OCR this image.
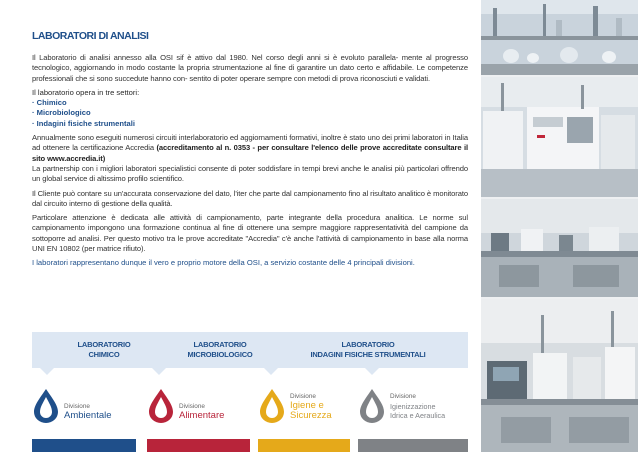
LABORATORI DI ANALISI

Il Laboratorio di analisi annesso alla OSI sif è attivo dal 1980. Nel corso degli anni si è evoluto parallela- mente al progresso tecnologico, aggiornando in modo costante la propria strumentazione al fine di garantire un dato certo e affidabile. Le competenze professionali che si sono succedute hanno con- sentito di poter operare sempre con metodi di prova riconosciuti e validati.

Il laboratorio opera in tre settori:
· Chimico
· Microbiologico
· Indagini fisiche strumentali

Annualmente sono eseguiti numerosi circuiti interlaboratorio ed aggiornamenti formativi, inoltre è stato uno dei primi laboratori in Italia ad ottenere la certificazione Accredia (accreditamento al n. 0353 - per consultare l'elenco delle prove accreditate consultare il sito www.accredia.it)
La partnership con i migliori laboratori specialistici consente di poter soddisfare in tempi brevi anche le analisi più particolari offrendo un global service di altissimo profilo scientifico.

Il Cliente può contare su un'accurata conservazione del dato, l'iter che parte dal campionamento fino al risultato analitico è monitorato dal circuito interno di gestione della qualità.

Particolare attenzione è dedicata alle attività di campionamento, parte integrante della procedura analitica. Le norme sul campionamento impongono una formazione continua al fine di ottenere una sempre maggiore rappresentatività del campione da sottoporre ad analisi. Per questo motivo tra le prove accreditate "Accredia" c'è anche l'attività di campionamento in base alla norma UNI EN 10802 (per matrice rifiuto).

I laboratori rappresentano dunque il vero e proprio motore della OSI, a servizio costante delle 4 principali divisioni.
LABORATORIO
CHIMICO
LABORATORIO
MICROBIOLOGICO
LABORATORIO
INDAGINI FISICHE STRUMENTALI
Divisione
Ambientale
Divisione
Alimentare
Divisione
Igiene e
Sicurezza
Divisione
Igienizzazione
Idrica e Aeraulica
